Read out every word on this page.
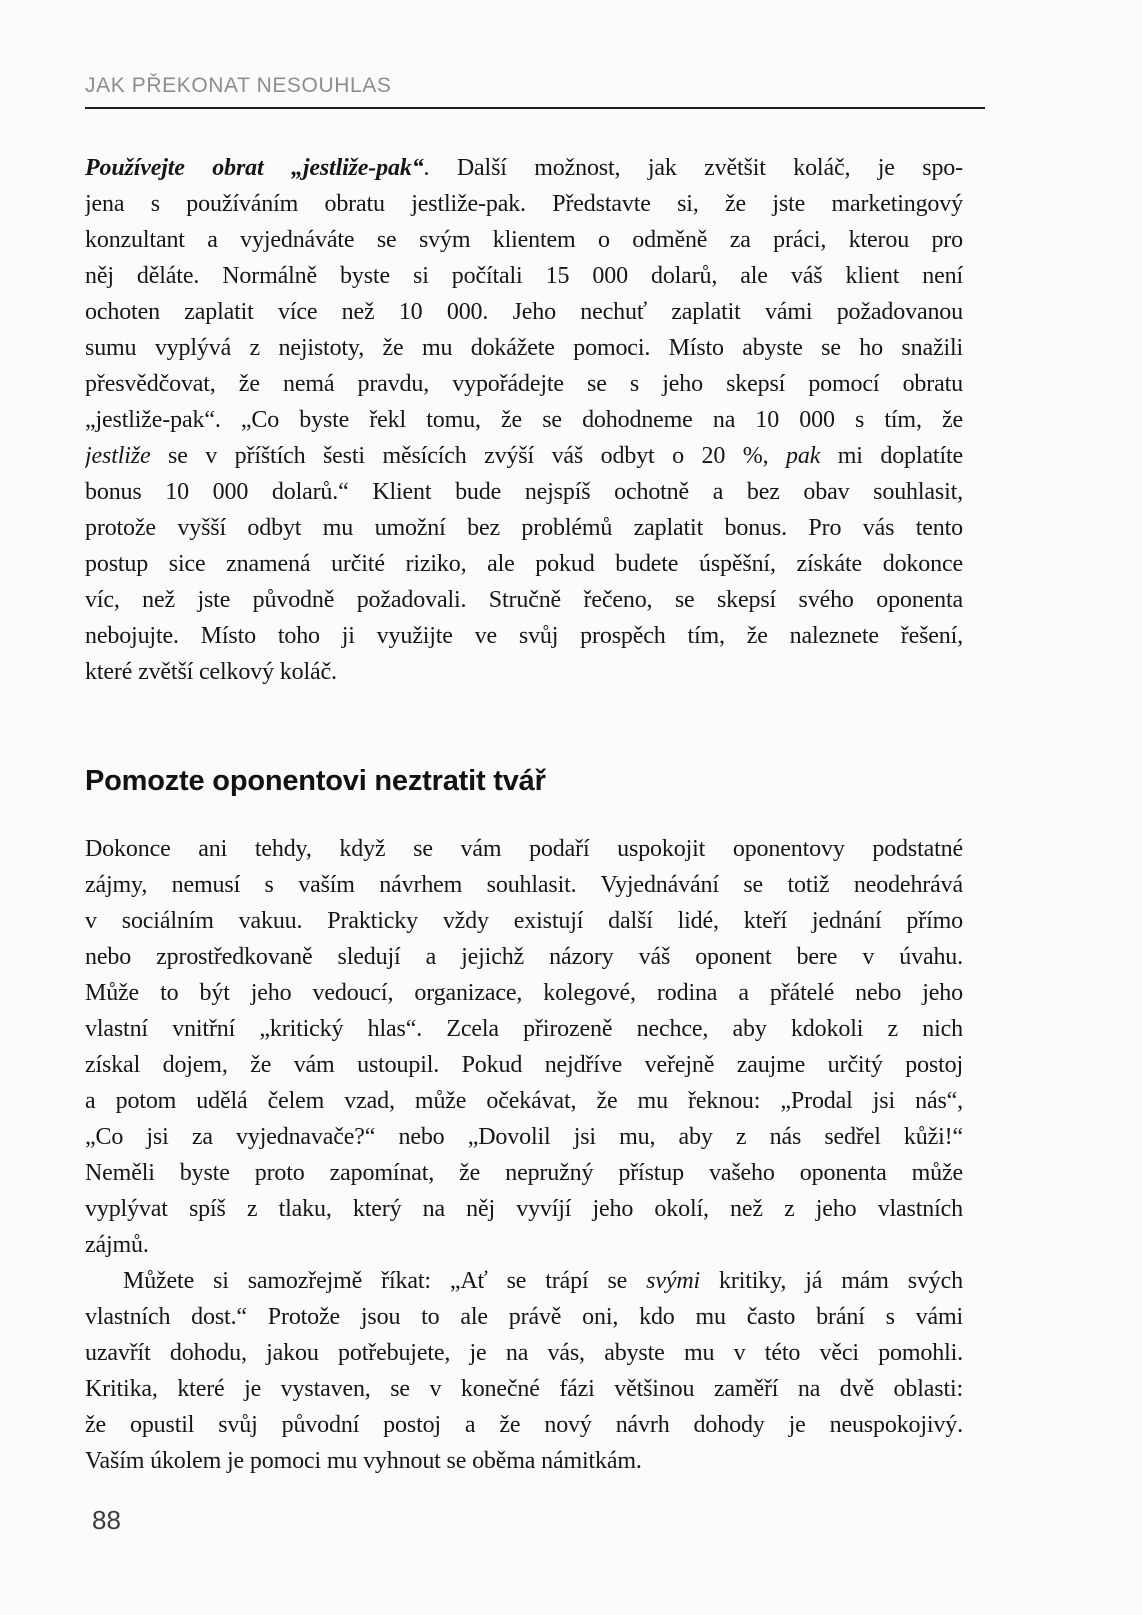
JAK PŘEKONAT NESOUHLAS
Používejte obrat „jestliže-pak“. Další možnost, jak zvětšit koláč, je spo-
jena s používáním obratu jestliže-pak. Představte si, že jste marketingový
konzultant a vyjednáváte se svým klientem o odměně za práci, kterou pro
něj děláte. Normálně byste si počítali 15 000 dolarů, ale váš klient není
ochoten zaplatit více než 10 000. Jeho nechuť zaplatit vámi požadovanou
sumu vyplývá z nejistoty, že mu dokážete pomoci. Místo abyste se ho snažili
přesvědčovat, že nemá pravdu, vypořádejte se s jeho skepsí pomocí obratu
„jestliže-pak“. „Co byste řekl tomu, že se dohodneme na 10 000 s tím, že
jestliže se v příštích šesti měsících zvýší váš odbyt o 20 %, pak mi doplatíte
bonus 10 000 dolarů.“ Klient bude nejspíš ochotně a bez obav souhlasit,
protože vyšší odbyt mu umožní bez problémů zaplatit bonus. Pro vás tento
postup sice znamená určité riziko, ale pokud budete úspěšní, získáte dokonce
víc, než jste původně požadovali. Stručně řečeno, se skepsí svého oponenta
nebojujte. Místo toho ji využijte ve svůj prospěch tím, že naleznete řešení,
které zvětší celkový koláč.
Pomozte oponentovi neztratit tvář
Dokonce ani tehdy, když se vám podaří uspokojit oponentovy podstatné
zájmy, nemusí s vaším návrhem souhlasit. Vyjednávání se totiž neodehrává
v sociálním vakuu. Prakticky vždy existují další lidé, kteří jednání přímo
nebo zprostředkovaně sledují a jejichž názory váš oponent bere v úvahu.
Může to být jeho vedoucí, organizace, kolegové, rodina a přátelé nebo jeho
vlastní vnitřní „kritický hlas“. Zcela přirozeně nechce, aby kdokoli z nich
získal dojem, že vám ustoupil. Pokud nejdříve veřejně zaujme určitý postoj
a potom udělá čelem vzad, může očekávat, že mu řeknou: „Prodal jsi nás“,
„Co jsi za vyjednavače?“ nebo „Dovolil jsi mu, aby z nás sedřel kůži!“
Neměli byste proto zapomínat, že nepružný přístup vašeho oponenta může
vyplývat spíš z tlaku, který na něj vyvíjí jeho okolí, než z jeho vlastních
zájmů.
Můžete si samozřejmě říkat: „Ať se trápí se svými kritiky, já mám svých
vlastních dost.“ Protože jsou to ale právě oni, kdo mu často brání s vámi
uzavřít dohodu, jakou potřebujete, je na vás, abyste mu v této věci pomohli.
Kritika, které je vystaven, se v konečné fázi většinou zaměří na dvě oblasti:
že opustil svůj původní postoj a že nový návrh dohody je neuspokojivý.
Vaším úkolem je pomoci mu vyhnout se oběma námitkám.
88
